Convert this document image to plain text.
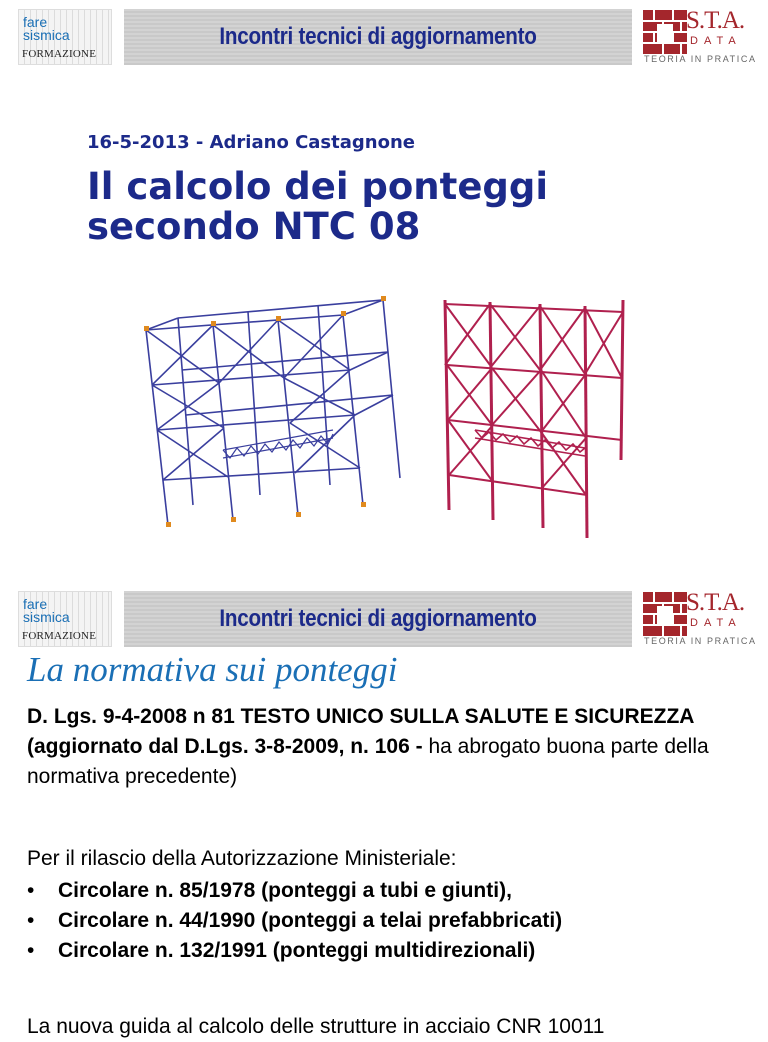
fare
sismica
FORMAZIONE
Incontri tecnici di aggiornamento
S.T.A.
DATA
TEORIA IN PRATICA
16-5-2013 - Adriano Castagnone
Il calcolo dei ponteggi
secondo NTC 08
fare
sismica
FORMAZIONE
Incontri tecnici di aggiornamento
S.T.A.
DATA
TEORIA IN PRATICA
La normativa sui ponteggi
D. Lgs. 9-4-2008 n 81 TESTO UNICO SULLA SALUTE E SICUREZZA (aggiornato dal D.Lgs. 3-8-2009, n. 106 - ha abrogato buona parte della normativa precedente)
Per il rilascio della Autorizzazione Ministeriale:
• Circolare n. 85/1978 (ponteggi a tubi e giunti),
• Circolare n. 44/1990 (ponteggi a telai prefabbricati)
• Circolare n. 132/1991 (ponteggi multidirezionali)
La nuova guida al calcolo delle strutture in acciaio CNR 10011
